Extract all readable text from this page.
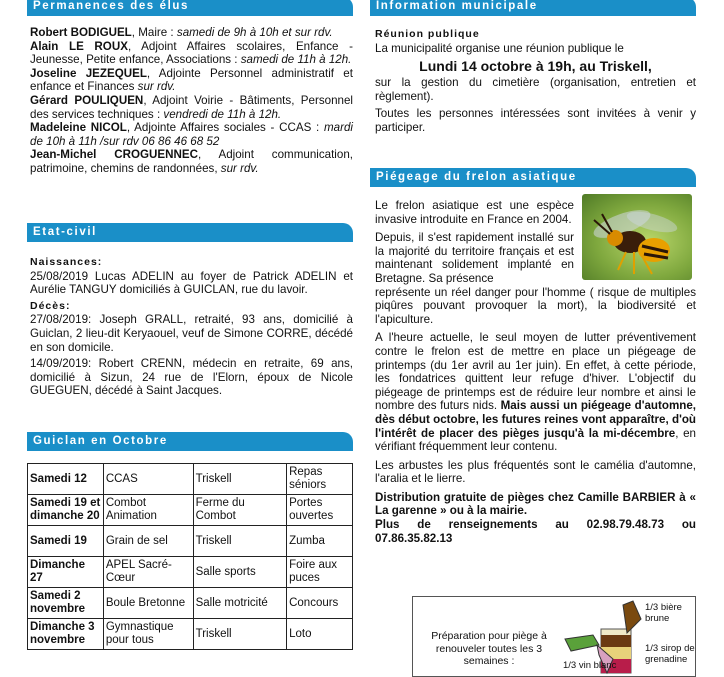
Permanences des élus

Robert BODIGUEL, Maire : samedi de 9h à 10h et sur rdv.

Alain LE ROUX, Adjoint Affaires scolaires, Enfance - Jeunesse, Petite enfance, Associations : samedi de 11h à 12h.

Joseline JEZEQUEL, Adjointe Personnel administratif et enfance et Finances sur rdv.

Gérard POULIQUEN, Adjoint Voirie - Bâtiments, Personnel des services techniques : vendredi de 11h à 12h.

Madeleine NICOL, Adjointe Affaires sociales - CCAS : mardi de 10h à 11h /sur rdv 06 86 46 68 52

Jean-Michel CROGUENNEC, Adjoint communication, patrimoine, chemins de randonnées, sur rdv.

Etat-civil
Naissances:

25/08/2019 Lucas ADELIN au foyer de Patrick ADELIN et Aurélie TANGUY domiciliés à GUICLAN, rue du lavoir.

Décès:

27/08/2019: Joseph GRALL, retraité, 93 ans, domicilié à Guiclan, 2 lieu-dit Keryaouel, veuf de Simone CORRE, décédé en son domicile.

14/09/2019: Robert CRENN, médecin en retraite, 69 ans, domicilié à Sizun, 24 rue de l'Elorn, époux de Nicole GUEGUEN, décédé à Saint Jacques.

Guiclan en Octobre
Samedi 12	CCAS	Triskell	Repas séniors
Samedi 19 et dimanche 20	Combot Animation	Ferme du Combot	Portes ouvertes
Samedi 19	Grain de sel	Triskell	Zumba
Dimanche 27	APEL Sacré-Cœur	Salle sports	Foire aux puces
Samedi 2 novembre	Boule Bretonne	Salle motricité	Concours
Dimanche 3 novembre	Gymnastique pour tous	Triskell	Loto
Information municipale
Réunion publique

La municipalité organise une réunion publique le

Lundi 14 octobre à 19h, au Triskell,

sur la gestion du cimetière (organisation, entretien et règlement).

Toutes les personnes intéressées sont invitées à venir y participer.

Piégeage du frelon asiatique

Le frelon asiatique est une espèce invasive introduite en France en 2004.

Depuis, il s'est rapidement installé sur la majorité du territoire français et est maintenant solidement implanté en Bretagne. Sa présence

représente un réel danger pour l'homme ( risque de multiples piqûres pouvant provoquer la mort), la biodiversité et l'apiculture.

A l'heure actuelle, le seul moyen de lutter préventivement contre le frelon est de mettre en place un piégeage de printemps (du 1er avril au 1er juin). En effet, à cette période, les fondatrices quittent leur refuge d'hiver. L'objectif du piégeage de printemps est de réduire leur nombre et ainsi le nombre des futurs nids. Mais aussi un piégeage d'automne, dès début octobre, les futures reines vont apparaître, d'où l'intérêt de placer des pièges jusqu'à la mi-décembre, en vérifiant fréquemment leur contenu.

Les arbustes les plus fréquentés sont le camélia d'automne, l'aralia et le lierre.

Distribution gratuite de pièges chez Camille BARBIER à « La garenne » ou à la mairie.

Plus de renseignements au 02.98.79.48.73 ou 07.86.35.82.13

Préparation pour piège à renouveler toutes les 3 semaines :
1/3 bière brune
1/3 sirop de grenadine
1/3 vin blanc
